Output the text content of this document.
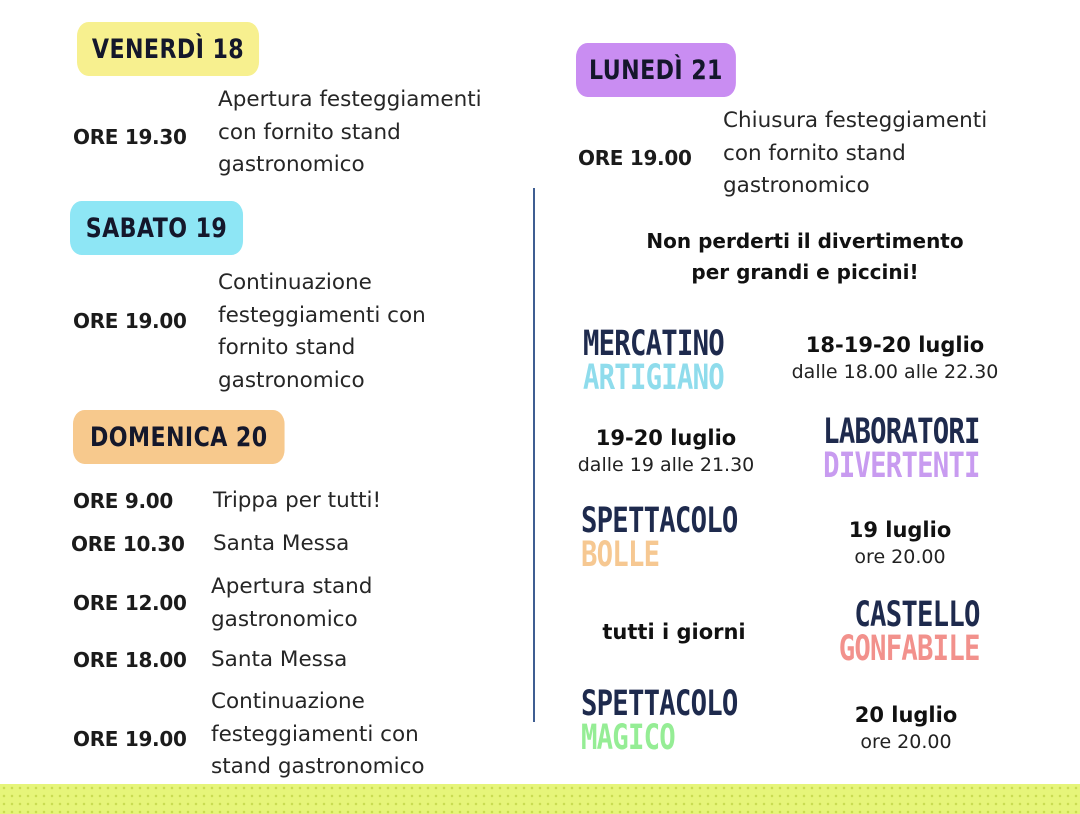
VENERDÌ 18
ORE 19.30
Apertura festeggiamenti
con fornito stand
gastronomico
SABATO 19
ORE 19.00
Continuazione
festeggiamenti con
fornito stand
gastronomico
DOMENICA 20
ORE 9.00 Trippa per tutti!
ORE 10.30 Santa Messa
ORE 12.00
Apertura stand
gastronomico
ORE 18.00 Santa Messa
ORE 19.00
Continuazione
festeggiamenti con
stand gastronomico
LUNEDÌ 21
ORE 19.00
Chiusura festeggiamenti
con fornito stand
gastronomico
Non perderti il divertimento
per grandi e piccini!
MERCATINO
ARTIGIANO
18-19-20 luglio
dalle 18.00 alle 22.30
19-20 luglio
dalle 19 alle 21.30
LABORATORI
DIVERTENTI
SPETTACOLO
BOLLE
19 luglio
ore 20.00
tutti i giorni	CASTELLO
GONFABILE
SPETTACOLO
MAGICO
20 luglio
ore 20.00
